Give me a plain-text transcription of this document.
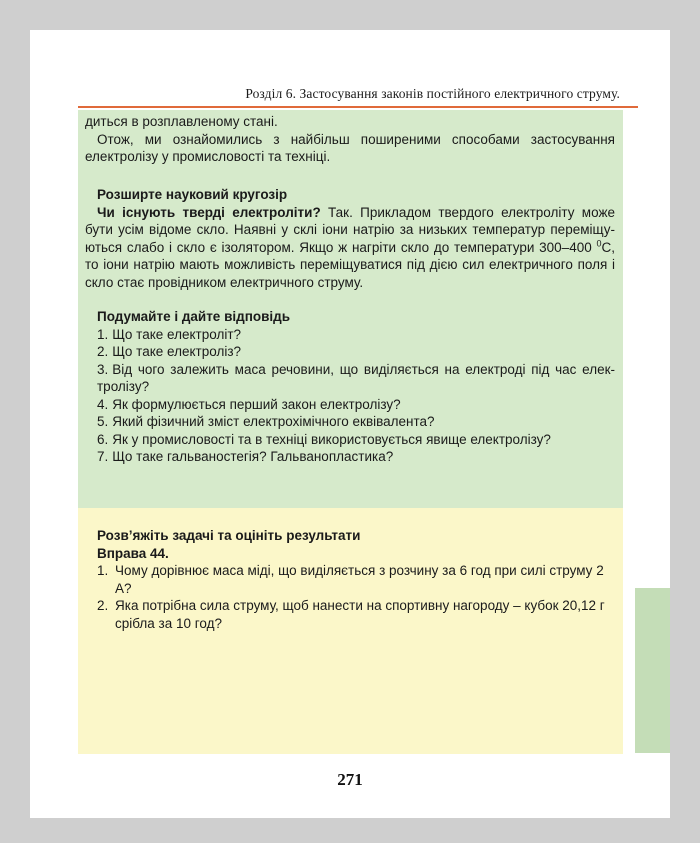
Розділ 6. Застосування законів постійного електричного струму.

диться в розплавленому стані.

Отож, ми ознайомились з найбільш поширеними способами застосування електролізу у промисловості та техніці.

Розширте науковий кругозір

Чи існують тверді електроліти? Так. Прикладом твердого електроліту може бути усім відоме скло. Наявні у склі іони натрію за низьких температур переміщу-ються слабо і скло є ізолятором. Якщо ж нагріти скло до температури 300–400 $^0$С, то іони натрію мають можливість переміщуватися під дією сил електричного поля і скло стає провідником електричного струму.

Подумайте і дайте відповідь

1. Що таке електроліт?
2. Що таке електроліз?
3. Від чого залежить маса речовини, що виділяється на електроді під час елек-тролізу?
4. Як формулюється перший закон електролізу?
5. Який фізичний зміст електрохімічного еквівалента?
6. Як у промисловості та в техніці використовується явище електролізу?
7. Що таке гальваностегія? Гальванопластика?

Розв’яжіть задачі та оцініть результати

Вправа 44.

1. Чому дорівнює маса міді, що виділяється з розчину за 6 год при силі струму 2 А?
2. Яка потрібна сила струму, щоб нанести на спортивну нагороду – кубок 20,12 г срібла за 10 год?
271
